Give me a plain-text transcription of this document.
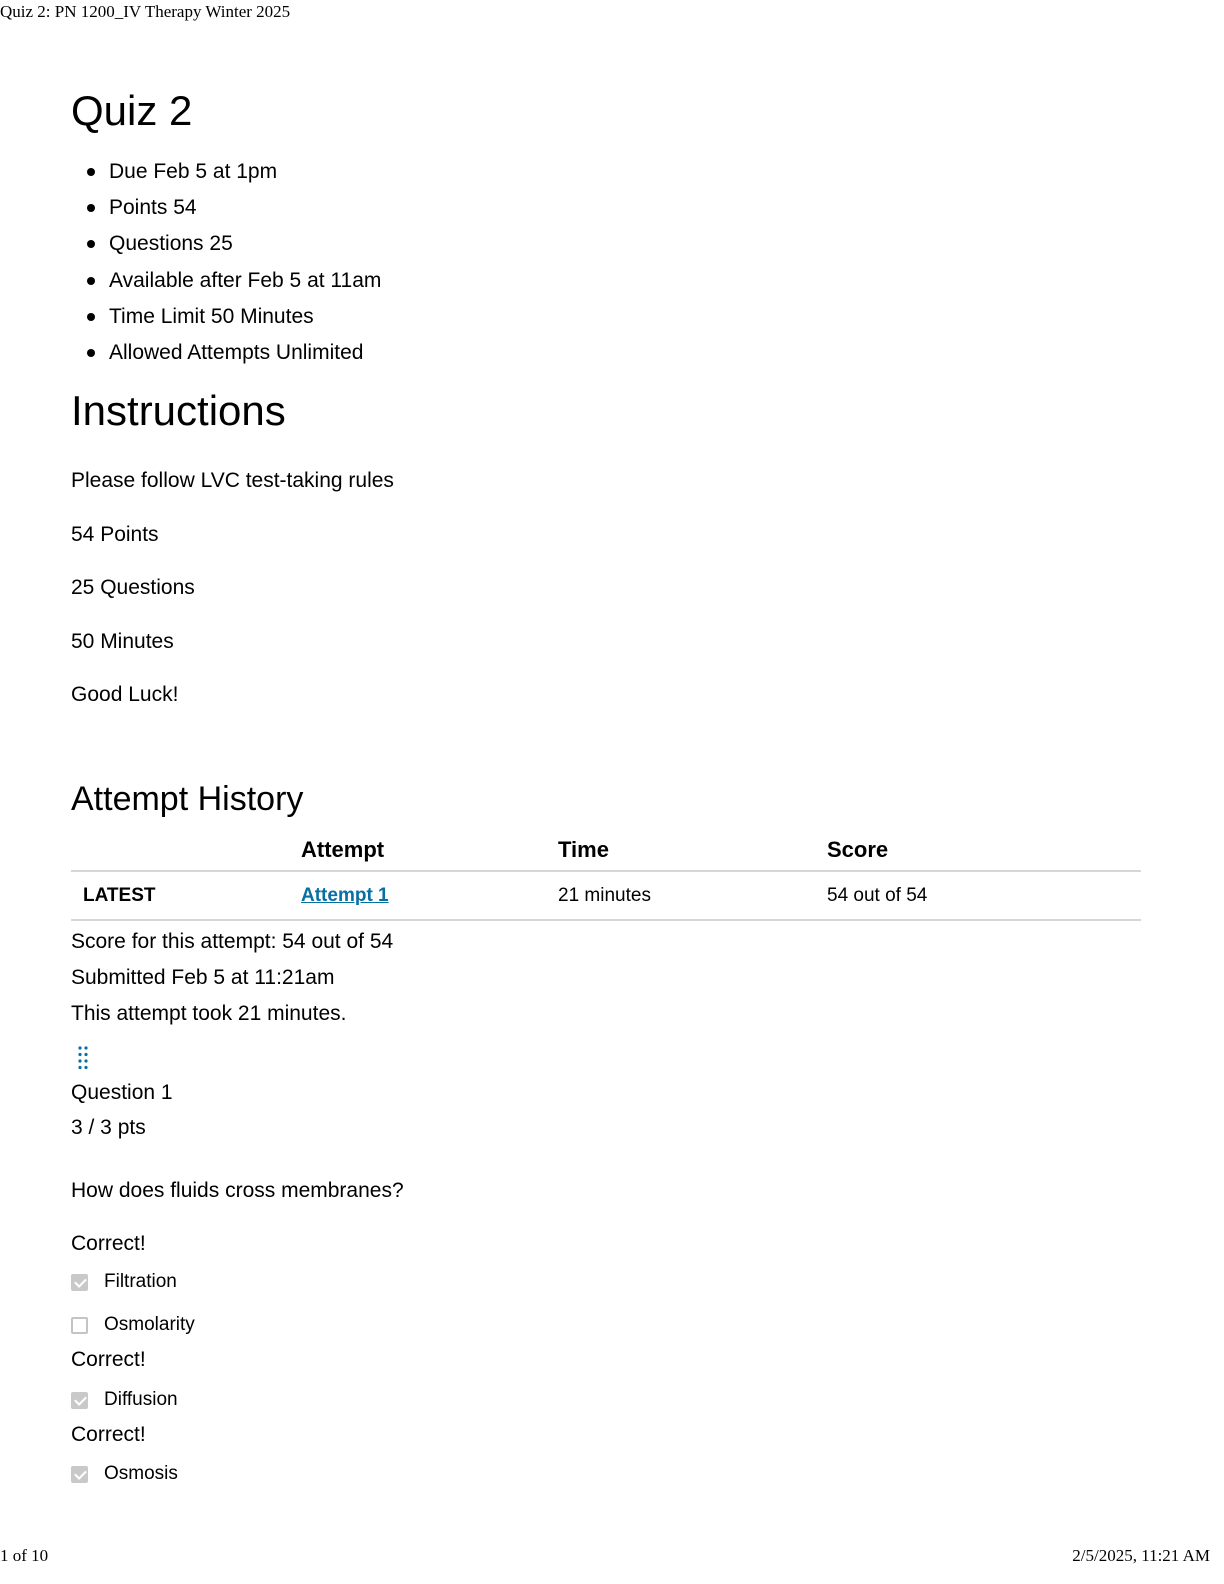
Quiz 2: PN 1200_IV Therapy Winter 2025
Quiz 2
Due Feb 5 at 1pm
Points 54
Questions 25
Available after Feb 5 at 11am
Time Limit 50 Minutes
Allowed Attempts Unlimited
Instructions

Please follow LVC test-taking rules

54 Points

25 Questions

50 Minutes

Good Luck!

Attempt History
	Attempt	Time	Score
LATEST	Attempt 1	21 minutes	54 out of 54
Score for this attempt: 54 out of 54
Submitted Feb 5 at 11:21am
This attempt took 21 minutes.
Question 1
3 / 3 pts
How does fluids cross membranes?
Correct!
Filtration
Osmolarity
Correct!
Diffusion
Correct!
Osmosis
1 of 10	2/5/2025, 11:21 AM
